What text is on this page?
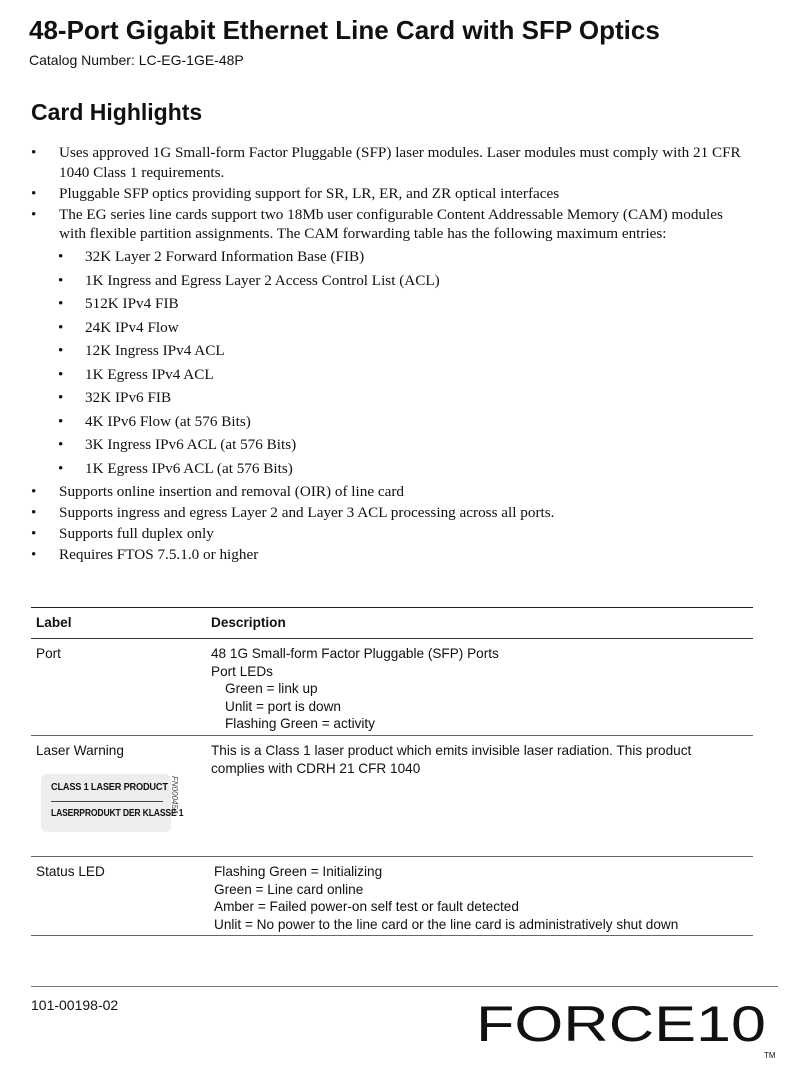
48-Port Gigabit Ethernet Line Card with SFP Optics
Catalog Number: LC-EG-1GE-48P
Card Highlights
• Uses approved 1G Small-form Factor Pluggable (SFP) laser modules. Laser modules must comply with 21 CFR 1040 Class 1 requirements.
• Pluggable SFP optics providing support for SR, LR, ER, and ZR optical interfaces
• The EG series line cards support two 18Mb user configurable Content Addressable Memory (CAM) modules with flexible partition assignments. The CAM forwarding table has the following maximum entries:
• 32K Layer 2 Forward Information Base (FIB)
• 1K Ingress and Egress Layer 2 Access Control List (ACL)
• 512K IPv4 FIB
• 24K IPv4 Flow
• 12K Ingress IPv4 ACL
• 1K Egress IPv4 ACL
• 32K IPv6 FIB
• 4K IPv6 Flow (at 576 Bits)
• 3K Ingress IPv6 ACL (at 576 Bits)
• 1K Egress IPv6 ACL (at 576 Bits)
• Supports online insertion and removal (OIR) of line card
• Supports ingress and egress Layer 2 and Layer 3 ACL processing across all ports.
• Supports full duplex only
• Requires FTOS 7.5.1.0 or higher
Label	Description
Port	48 1G Small-form Factor Pluggable (SFP) Ports
Port LEDs
Green = link up
Unlit = port is down
Flashing Green = activity
Laser Warning	This is a Class 1 laser product which emits invisible laser radiation. This product
complies with CDRH 21 CFR 1040
CLASS 1 LASER PRODUCT
LASERPRODUKT DER KLASSE 1
FN00045A
Status LED	Flashing Green = Initializing
Green = Line card online
Amber = Failed power-on self test or fault detected
Unlit = No power to the line card or the line card is administratively shut down
101-00198-02	FORCE10
TM
